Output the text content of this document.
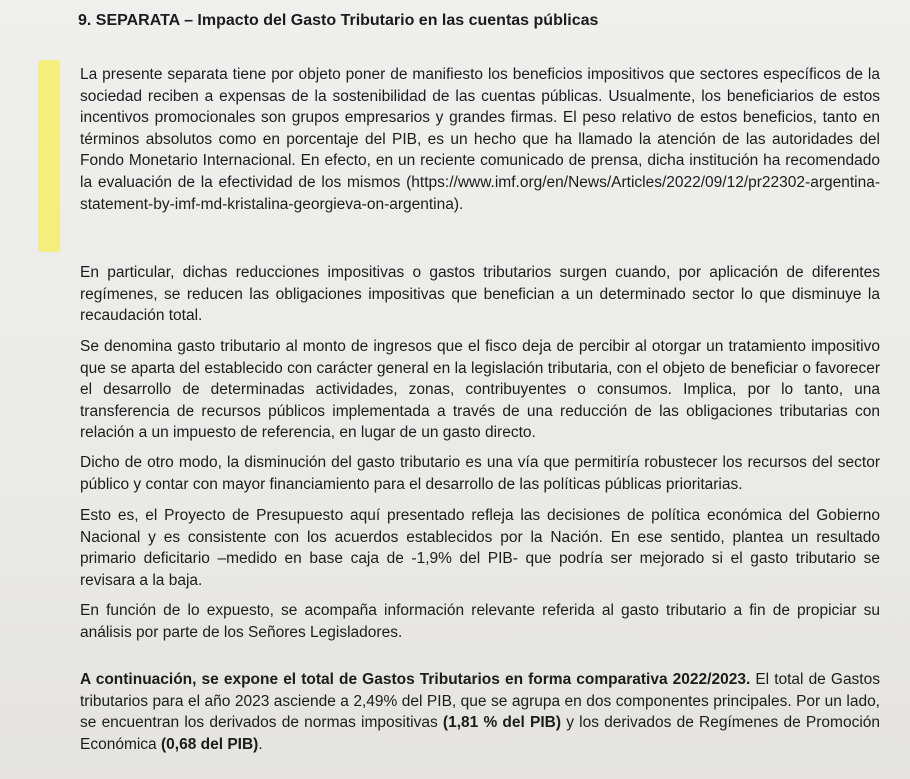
9. SEPARATA – Impacto del Gasto Tributario en las cuentas públicas
La presente separata tiene por objeto poner de manifiesto los beneficios impositivos que sectores específicos de la sociedad reciben a expensas de la sostenibilidad de las cuentas públicas. Usualmente, los beneficiarios de estos incentivos promocionales son grupos empresarios y grandes firmas. El peso relativo de estos beneficios, tanto en términos absolutos como en porcentaje del PIB, es un hecho que ha llamado la atención de las autoridades del Fondo Monetario Internacional. En efecto, en un reciente comunicado de prensa, dicha institución ha recomendado la evaluación de la efectividad de los mismos (https://www.imf.org/en/News/Articles/2022/09/12/pr22302-argentina-statement-by-imf-md-kristalina-georgieva-on-argentina).
En particular, dichas reducciones impositivas o gastos tributarios surgen cuando, por aplicación de diferentes regímenes, se reducen las obligaciones impositivas que benefician a un determinado sector lo que disminuye la recaudación total.
Se denomina gasto tributario al monto de ingresos que el fisco deja de percibir al otorgar un tratamiento impositivo que se aparta del establecido con carácter general en la legislación tributaria, con el objeto de beneficiar o favorecer el desarrollo de determinadas actividades, zonas, contribuyentes o consumos. Implica, por lo tanto, una transferencia de recursos públicos implementada a través de una reducción de las obligaciones tributarias con relación a un impuesto de referencia, en lugar de un gasto directo.
Dicho de otro modo, la disminución del gasto tributario es una vía que permitiría robustecer los recursos del sector público y contar con mayor financiamiento para el desarrollo de las políticas públicas prioritarias.
Esto es, el Proyecto de Presupuesto aquí presentado refleja las decisiones de política económica del Gobierno Nacional y es consistente con los acuerdos establecidos por la Nación. En ese sentido, plantea un resultado primario deficitario –medido en base caja de -1,9% del PIB- que podría ser mejorado si el gasto tributario se revisara a la baja.
En función de lo expuesto, se acompaña información relevante referida al gasto tributario a fin de propiciar su análisis por parte de los Señores Legisladores.
A continuación, se expone el total de Gastos Tributarios en forma comparativa 2022/2023. El total de Gastos tributarios para el año 2023 asciende a 2,49% del PIB, que se agrupa en dos componentes principales. Por un lado, se encuentran los derivados de normas impositivas (1,81 % del PIB) y los derivados de Regímenes de Promoción Económica (0,68 del PIB).
